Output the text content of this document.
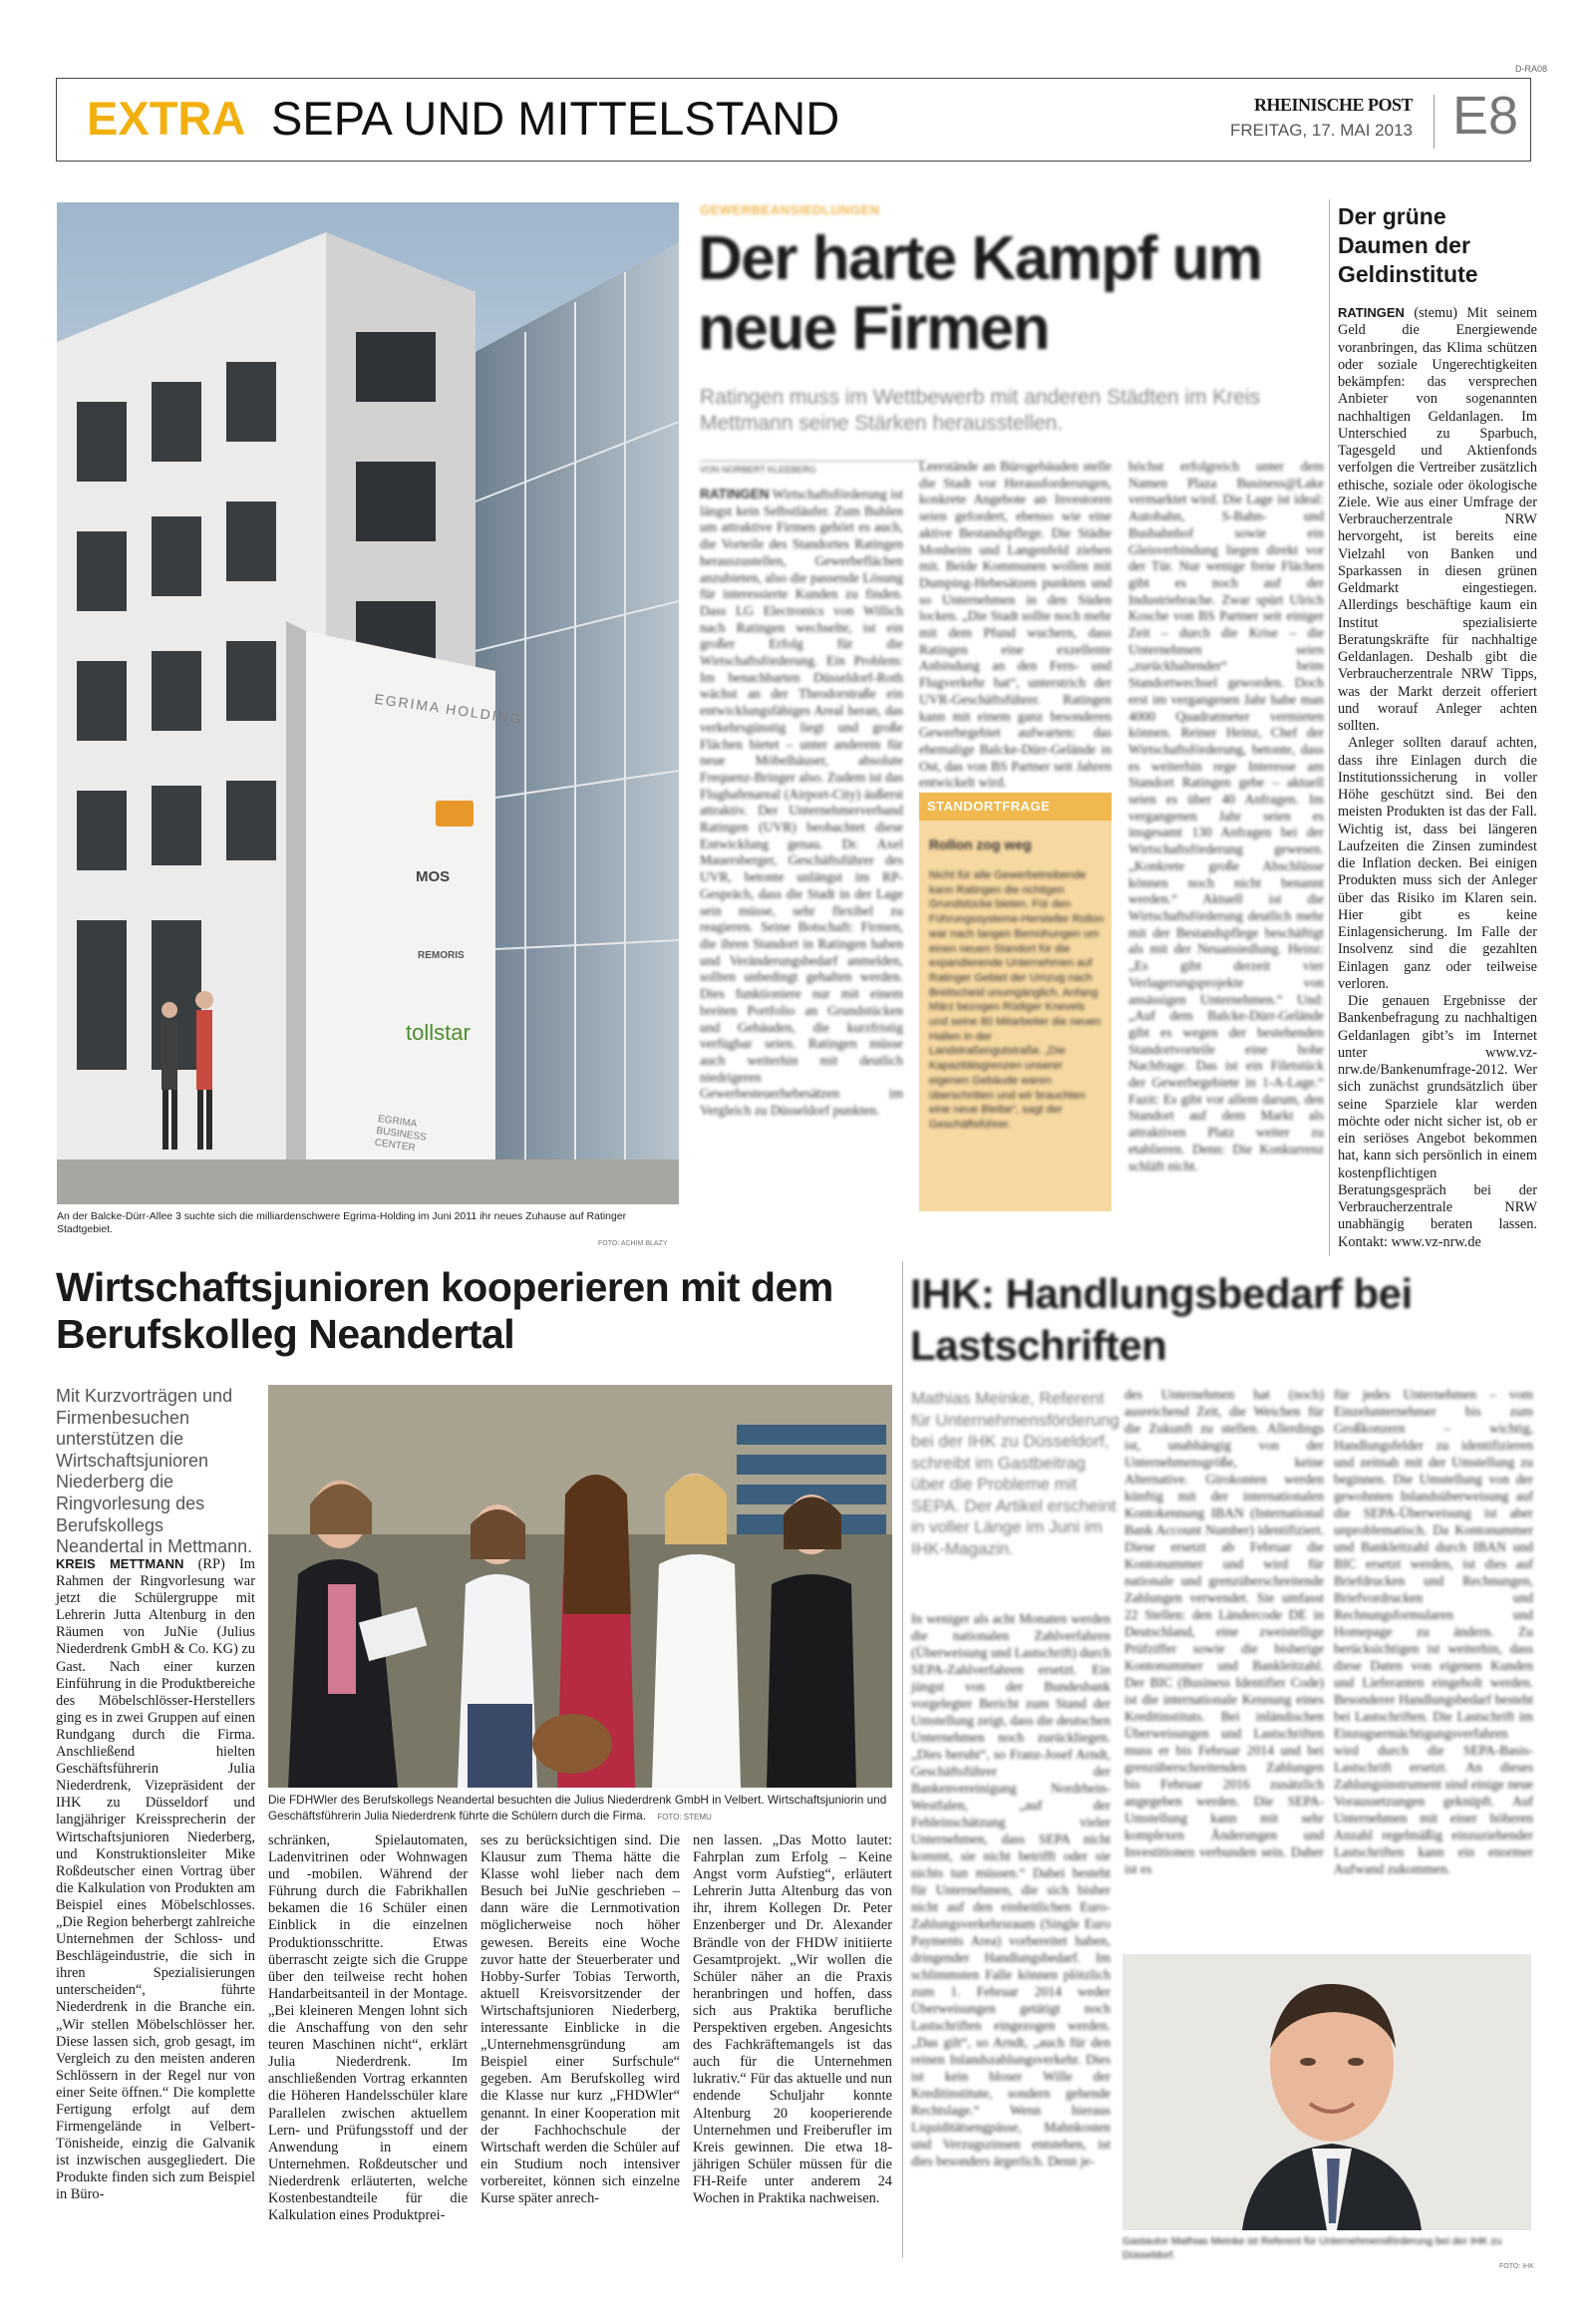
D-RA08
EXTRA SEPA UND MITTELSTAND	RHEINISCHE POST
FREITAG, 17. MAI 2013 E8
EGRIMA HOLDING
MOS
REMORIS
tollstar
EGRIMA BUSINESS CENTER
An der Balcke-Dürr-Allee 3 suchte sich die milliardenschwere Egrima-Holding im Juni 2011 ihr neues Zuhause auf Ratinger Stadtgebiet.
FOTO: ACHIM BLAZY
GEWERBEANSIEDLUNGEN
Der harte Kampf um neue Firmen
Ratingen muss im Wettbewerb mit anderen Städten im Kreis Mettmann seine Stärken herausstellen.
VON NORBERT KLEEBERG
RATINGEN Wirtschaftsförderung ist längst kein Selbstläufer. Zum Buhlen um attraktive Firmen gehört es auch, die Vorteile des Standortes Ratingen herauszustellen, Gewerbeflächen anzubieten, also die passende Lösung für interessierte Kunden zu finden. Dass LG Electronics von Willich nach Ratingen wechselte, ist ein großer Erfolg für die Wirtschaftsförderung. Ein Problem: Im benachbarten Düsseldorf-Roth wächst an der Theodorstraße ein entwicklungsfähiges Areal heran, das verkehrsgünstig liegt und große Flächen bietet – unter anderem für neue Möbelhäuser, absolute Frequenz-Bringer also. Zudem ist das Flughafenareal (Airport-City) äußerst attraktiv. Der Unternehmerverband Ratingen (UVR) beobachtet diese Entwicklung genau. Dr. Axel Mauersberger, Geschäftsführer des UVR, betonte unlängst im RP-Gespräch, dass die Stadt in der Lage sein müsse, sehr flexibel zu reagieren. Seine Botschaft: Firmen, die ihren Standort in Ratingen haben und Veränderungsbedarf anmelden, sollten unbedingt gehalten werden. Dies funktioniere nur mit einem breiten Portfolio an Grundstücken und Gebäuden, die kurzfristig verfügbar seien. Ratingen müsse auch weiterhin mit deutlich niedrigeren Gewerbesteuerhebesätzen im Vergleich zu Düsseldorf punkten.
Leerstände an Bürogebäuden stelle die Stadt vor Herausforderungen, konkrete Angebote an Investoren seien gefordert, ebenso wie eine aktive Bestandspflege. Die Städte Monheim und Langenfeld ziehen mit. Beide Kommunen wollen mit Dumping-Hebesätzen punkten und so Unternehmen in den Süden locken. „Die Stadt sollte noch mehr mit dem Pfund wuchern, dass Ratingen eine exzellente Anbindung an den Fern- und Flugverkehr hat“, unterstrich der UVR-Geschäftsführer. Ratingen kann mit einem ganz besonderen Gewerbegebiet aufwarten: das ehemalige Balcke-Dürr-Gelände in Ost, das von BS Partner seit Jahren entwickelt wird.
höchst erfolgreich unter dem Namen Plaza Business@Lake vermarktet wird. Die Lage ist ideal: Autobahn, S-Bahn- und Busbahnhof sowie ein Gleisverbindung liegen direkt vor der Tür. Nur wenige freie Flächen gibt es noch auf der Industriebrache. Zwar spürt Ulrich Kosche von BS Partner seit einiger Zeit – durch die Krise – die Unternehmen seien „zurückhaltender“ beim Standortwechsel geworden. Doch erst im vergangenen Jahr habe man 4000 Quadratmeter vermieten können. Reiner Heinz, Chef der Wirtschaftsförderung, betonte, dass es weiterhin rege Interesse am Standort Ratingen gebe – aktuell seien es über 40 Anfragen. Im vergangenen Jahr seien es insgesamt 130 Anfragen bei der Wirtschaftsförderung gewesen. „Konkrete große Abschlüsse können noch nicht benannt werden.“ Aktuell ist die Wirtschaftsförderung deutlich mehr mit der Bestandspflege beschäftigt als mit der Neuansiedlung. Heinz: „Es gibt derzeit vier Verlagerungsprojekte von ansässigen Unternehmen.“ Und: „Auf dem Balcke-Dürr-Gelände gibt es wegen der bestehenden Standortvorteile eine hohe Nachfrage. Das ist ein Filetstück der Gewerbegebiete in 1-A-Lage.“ Fazit: Es gibt vor allem darum, den Standort auf dem Markt als attraktiven Platz weiter zu etablieren. Denn: Die Konkurrenz schläft nicht.
STANDORTFRAGE
Rollon zog weg
Nicht für alle Gewerbetreibende kann Ratingen die richtigen Grundstücke bieten. Für den Führungssysteme-Hersteller Rollon war nach langen Bemühungen um einen neuen Standort für die expandierende Unternehmen auf Ratinger Gebiet der Umzug nach Breitscheid unumgänglich. Anfang März bezogen Rüdiger Knevels und seine 80 Mitarbeiter die neuen Hallen in der Landstraßengutstraße. „Die Kapazitätsgrenzen unserer eigenen Gebäude waren überschritten und wir brauchten eine neue Bleibe“, sagt der Geschäftsführer.
Der grüne Daumen der Geldinstitute
RATINGEN (stemu) Mit seinem Geld die Energiewende voranbringen, das Klima schützen oder soziale Ungerechtigkeiten bekämpfen: das versprechen Anbieter von sogenannten nachhaltigen Geldanlagen. Im Unterschied zu Sparbuch, Tagesgeld und Aktienfonds verfolgen die Vertreiber zusätzlich ethische, soziale oder ökologische Ziele. Wie aus einer Umfrage der Verbraucherzentrale NRW hervorgeht, ist bereits eine Vielzahl von Banken und Sparkassen in diesen grünen Geldmarkt eingestiegen. Allerdings beschäftige kaum ein Institut spezialisierte Beratungskräfte für nachhaltige Geldanlagen. Deshalb gibt die Verbraucherzentrale NRW Tipps, was der Markt derzeit offeriert und worauf Anleger achten sollten.
Anleger sollten darauf achten, dass ihre Einlagen durch die Institutionssicherung in voller Höhe geschützt sind. Bei den meisten Produkten ist das der Fall. Wichtig ist, dass bei längeren Laufzeiten die Zinsen zumindest die Inflation decken. Bei einigen Produkten muss sich der Anleger über das Risiko im Klaren sein. Hier gibt es keine Einlagensicherung. Im Falle der Insolvenz sind die gezahlten Einlagen ganz oder teilweise verloren.
Die genauen Ergebnisse der Bankenbefragung zu nachhaltigen Geldanlagen gibt’s im Internet unter www.vz-nrw.de/Bankenumfrage-2012. Wer sich zunächst grundsätzlich über seine Sparziele klar werden möchte oder nicht sicher ist, ob er ein seriöses Angebot bekommen hat, kann sich persönlich in einem kostenpflichtigen Beratungsgespräch bei der Verbraucherzentrale NRW unabhängig beraten lassen. Kontakt: www.vz-nrw.de
Wirtschaftsjunioren kooperieren mit dem Berufskolleg Neandertal
Mit Kurzvorträgen und Firmenbesuchen unterstützen die Wirtschaftsjunioren Niederberg die Ringvorlesung des Berufskollegs Neandertal in Mettmann.
KREIS METTMANN (RP) Im Rahmen der Ringvorlesung war jetzt die Schülergruppe mit Lehrerin Jutta Altenburg in den Räumen von JuNie (Julius Niederdrenk GmbH & Co. KG) zu Gast. Nach einer kurzen Einführung in die Produktbereiche des Möbelschlösser-Herstellers ging es in zwei Gruppen auf einen Rundgang durch die Firma. Anschließend hielten Geschäftsführerin Julia Niederdrenk, Vizepräsident der IHK zu Düsseldorf und langjähriger Kreissprecherin der Wirtschaftsjunioren Niederberg, und Konstruktionsleiter Mike Roßdeutscher einen Vortrag über die Kalkulation von Produkten am Beispiel eines Möbelschlosses. „Die Region beherbergt zahlreiche Unternehmen der Schloss- und Beschlägeindustrie, die sich in ihren Spezialisierungen unterscheiden“, führte Niederdrenk in die Branche ein. „Wir stellen Möbelschlösser her. Diese lassen sich, grob gesagt, im Vergleich zu den meisten anderen Schlössern in der Regel nur von einer Seite öffnen.“ Die komplette Fertigung erfolgt auf dem Firmengelände in Velbert-Tönisheide, einzig die Galvanik ist inzwischen ausgegliedert. Die Produkte finden sich zum Beispiel in Büro-
schränken, Spielautomaten, Ladenvitrinen oder Wohnwagen und -mobilen. Während der Führung durch die Fabrikhallen bekamen die 16 Schüler einen Einblick in die einzelnen Produktionsschritte. Etwas überrascht zeigte sich die Gruppe über den teilweise recht hohen Handarbeitsanteil in der Montage. „Bei kleineren Mengen lohnt sich die Anschaffung von den sehr teuren Maschinen nicht“, erklärt Julia Niederdrenk. Im anschließenden Vortrag erkannten die Höheren Handelsschüler klare Parallelen zwischen aktuellem Lern- und Prüfungsstoff und der Anwendung in einem Unternehmen. Roßdeutscher und Niederdrenk erläuterten, welche Kostenbestandteile für die Kalkulation eines Produktprei-
ses zu berücksichtigen sind. Die Klausur zum Thema hätte die Klasse wohl lieber nach dem Besuch bei JuNie geschrieben – dann wäre die Lernmotivation möglicherweise noch höher gewesen. Bereits eine Woche zuvor hatte der Steuerberater und Hobby-Surfer Tobias Terworth, aktuell Kreisvorsitzender der Wirtschaftsjunioren Niederberg, interessante Einblicke in die „Unternehmensgründung am Beispiel einer Surfschule“ gegeben. Am Berufskolleg wird die Klasse nur kurz „FHDWler“ genannt. In einer Kooperation mit der Fachhochschule der Wirtschaft werden die Schüler auf ein Studium noch intensiver vorbereitet, können sich einzelne Kurse später anrech-
nen lassen. „Das Motto lautet: Fahrplan zum Erfolg – Keine Angst vorm Aufstieg“, erläutert Lehrerin Jutta Altenburg das von ihr, ihrem Kollegen Dr. Peter Enzenberger und Dr. Alexander Brändle von der FHDW initiierte Gesamtprojekt. „Wir wollen die Schüler näher an die Praxis heranbringen und hoffen, dass sich aus Praktika berufliche Perspektiven ergeben. Angesichts des Fachkräftemangels ist das auch für die Unternehmen lukrativ.“ Für das aktuelle und nun endende Schuljahr konnte Altenburg 20 kooperierende Unternehmen und Freiberufler im Kreis gewinnen. Die etwa 18-jährigen Schüler müssen für die FH-Reife unter anderem 24 Wochen in Praktika nachweisen.
Die FDHWler des Berufskollegs Neandertal besuchten die Julius Niederdrenk GmbH in Velbert. Wirtschaftsjuniorin und Geschäftsführerin Julia Niederdrenk führte die Schülern durch die Firma. FOTO: STEMU
IHK: Handlungsbedarf bei Lastschriften
Mathias Meinke, Referent für Unternehmensförderung bei der IHK zu Düsseldorf, schreibt im Gastbeitrag über die Probleme mit SEPA. Der Artikel erscheint in voller Länge im Juni im IHK-Magazin.
In weniger als acht Monaten werden die nationalen Zahlverfahren (Überweisung und Lastschrift) durch SEPA-Zahlverfahren ersetzt. Ein jüngst von der Bundesbank vorgelegter Bericht zum Stand der Umstellung zeigt, dass die deutschen Unternehmen noch zurückliegen. „Dies beruht“, so Franz-Josef Arndt, Geschäftsführer der Bankenvereinigung Nordrhein-Westfalen, „auf der Fehleinschätzung vieler Unternehmen, dass SEPA nicht kommt, sie nicht betrifft oder sie nichts tun müssen.“ Dabei besteht für Unternehmen, die sich bisher nicht auf den einheitlichen Euro-Zahlungsverkehrsraum (Single Euro Payments Area) vorbereitet haben, dringender Handlungsbedarf. Im schlimmsten Falle können plötzlich zum 1. Februar 2014 weder Überweisungen getätigt noch Lastschriften eingezogen werden. „Das gilt“, so Arndt, „auch für den reinen Inlandszahlungsverkehr. Dies ist kein bloser Wille der Kreditinstitute, sondern gehende Rechtslage.“ Wenn hieraus Liquiditätsengpässe, Mahnkosten und Verzugszinsen entstehen, ist dies besonders ärgerlich. Denn je-
des Unternehmen hat (noch) ausreichend Zeit, die Weichen für die Zukunft zu stellen. Allerdings ist, unabhängig von der Unternehmensgröße, keine Alternative. Girokonten werden künftig mit der internationalen Kontokennung IBAN (International Bank Account Number) identifiziert. Diese ersetzt ab Februar die Kontonummer und wird für nationale und grenzüberschreitende Zahlungen verwendet. Sie umfasst 22 Stellen: den Ländercode DE in Deutschland, eine zweistellige Prüfziffer sowie die bisherige Kontonummer und Bankleitzahl. Der BIC (Business Identifier Code) ist die internationale Kennung eines Kreditinstituts. Bei inländischen Überweisungen und Lastschriften muss er bis Februar 2014 und bei grenzüberschreitenden Zahlungen bis Februar 2016 zusätzlich angegeben werden. Die SEPA-Umstellung kann mit sehr komplexen Änderungen und Investitionen verbunden sein. Daher ist es
für jedes Unternehmen – vom Einzelunternehmer bis zum Großkonzern – wichtig, Handlungsfelder zu identifizieren und zeitnah mit der Umstellung zu beginnen. Die Umstellung von der gewohnten Inlandsüberweisung auf die SEPA-Überweisung ist aber unproblematisch. Da Kontonummer und Bankleitzahl durch IBAN und BIC ersetzt werden, ist dies auf Briefdrucken und Rechnungen, Briefvordrucken und Rechnungsformularen und Homepage zu ändern. Zu berücksichtigen ist weiterhin, dass diese Daten von eigenen Kunden und Lieferanten eingeholt werden. Besonderer Handlungsbedarf besteht bei Lastschriften. Die Lastschrift im Einzugsermächtigungsverfahren wird durch die SEPA-Basis-Lastschrift ersetzt. An dieses Zahlungsinstrument sind einige neue Voraussetzungen geknüpft. Auf Unternehmen mit einer höheren Anzahl regelmäßig einzuziehender Lastschriften kann ein enormer Aufwand zukommen.
Gastautor Mathias Meinke ist Referent für Unternehmensförderung bei der IHK zu Düsseldorf.
FOTO: IHK
